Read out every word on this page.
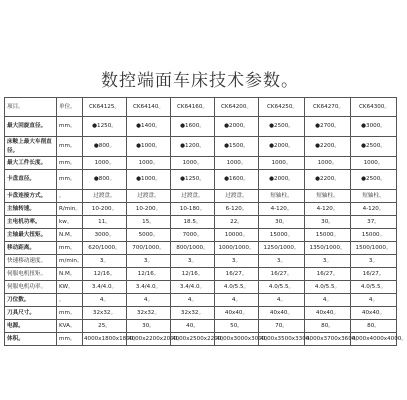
数控端面车床技术参数。
项目。	单位。	CK64125。	CK64140。	CK64160。	CK64200。	CK64250。	CK64270。	CK64300。
最大回旋直径。	mm。	●1250。	●1400。	●1600。	●2000。	●2500。	●2700。	●3000。
床鞍上最大车削直径。	mm。	●800。	●1000。	●1200。	●1500。	●2000。	●2200。	●2500。
最大工件长度。	mm。	1000。	1000。	1000。	1000。	1000。	1000。	1000。
卡盘直径。	mm。	●800。	●1000。	●1250。	●1600。	●2000。	●2200。	●2500。
卡盘连接方式。	。	过渡盘。	过渡盘。	过渡盘。	过渡盘。	短轴柱。	短轴柱。	短轴柱。
主轴转速。	R/min。	10-200。	10-200。	10-180。	6-120。	4-120。	4-120。	4-120。
主电机功率。	kw。	11。	15。	18.5。	22。	30。	30。	37。
主轴最大扭矩。	N.M。	3000。	5000。	7000。	10000。	15000。	15000。	15000。
移动距离。	mm。	620/1000。	700/1000。	800/1000。	1000/1000。	1250/1000。	1350/1000。	1500/1000。
快速移动速度。	m/min。	3。	3。	3。	3。	3。	3。	3。
伺服电机扭矩。	N.M。	12/16。	12/16。	12/16。	16/27。	16/27。	16/27。	16/27。
伺服电机功率。	KW。	3.4/4.0。	3.4/4.0。	3.4/4.0。	4.0/5.5。	4.0/5.5。	4.0/5.5。	4.0/5.5。
刀位数。	。	4。	4。	4。	4。	4。	4。	4。
刀具尺寸。	mm。	32x32。	32x32。	32x32。	40x40。	40x40。	40x40。	40x40。
电源。	KVA。	25。	30。	40。	50。	70。	80。	80。
体积。	mm。	4000x1800x1800。	4000x2200x2000。	4000x2500x2200。	4000x3000x3000。	4000x3500x3300。	4000x3700x3600。	4000x4000x4000。
